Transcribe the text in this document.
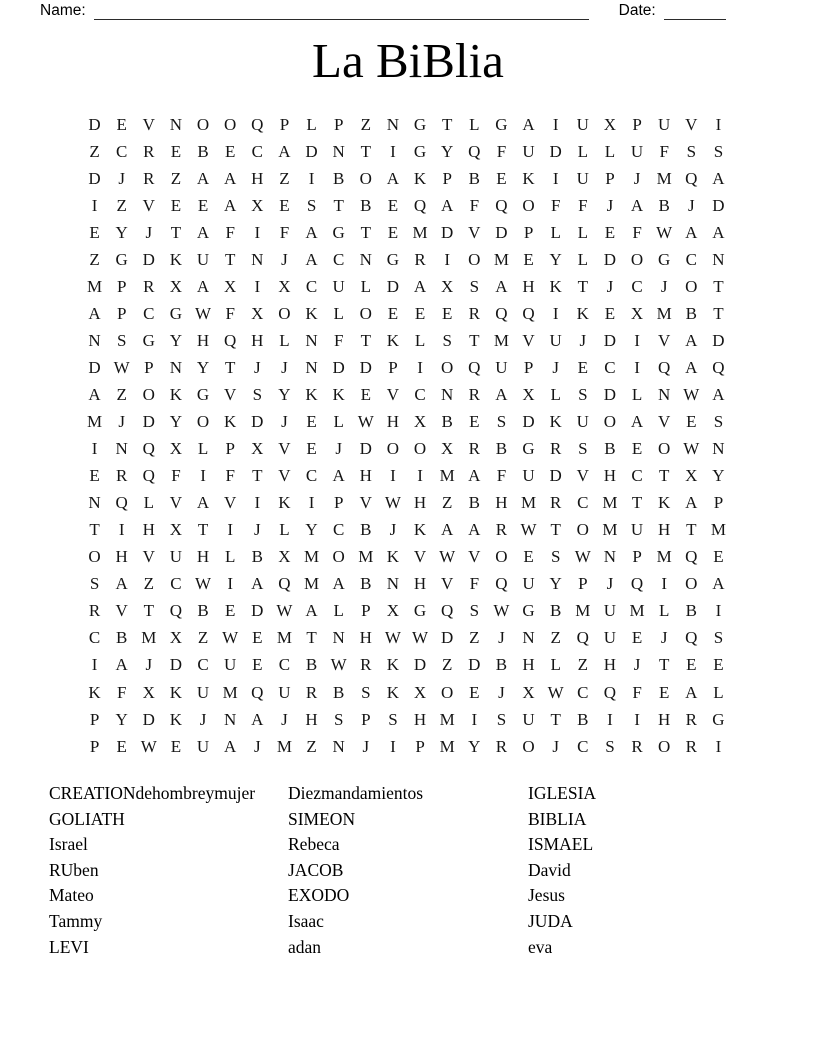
Name:	Date:
La BiBlia
D E V N O O Q P	L	P	Z N G T L G A	I	U X P U V	I
Z C R E B E C A D N T	I	G Y Q F U D L L U F	S	S
D	J	R Z A A H Z	I	B O A K P B E K	I	U P	J M Q A
I	Z V E E A X E	S	T B E Q A F Q O F	F	J	A B	J	D
E Y	J	T A F	I	F A G T E M D V D P	L L E	F W A A
Z G D K U T N	J	A C N G R	I	O M E Y L D O G C N
M P R X A X	I	X C U L D A X S A H K T	J	C	J	O T
A P C G W F X O K L O E E E R Q Q	I	K E X M B T
N S G Y H Q H L N F	T K L	S	T M V U	J	D	I	V A D
D W P N Y T	J	J	N D D P	I	O Q U P	J	E C	I	Q A Q
A Z O K G V S Y K K E V C N R A X L	S D L N W A
M J	D Y O K D	J	E L W H X B E	S D K U O A V E	S
I	N Q X L	P X V E	J	D O O X R B G R S B E O W N
E R Q F	I	F	T V C A H	I	I M A F U D V H C T X Y
N Q L V A V	I	K	I	P V W H Z B H M R C M T K A P
T	I	H X T	I	J	L Y C B	J	K A A R W T O M U H T M
O H V U H L B X M O M K V W V O E	S W N P M Q E
S A Z C W I	A Q M A B N H V F Q U Y P	J	Q	I	O A
R V T Q B E D W A L	P X G Q S W G B M U M L B	I
C B M X Z W E M T N H W W D Z	J	N Z Q U E	J	Q S
I	A	J	D C U E C B W R K D Z D B H L Z H	J	T E E
K F X K U M Q U R B S K X O E	J	X W C Q F	E A L
P Y D K	J	N A	J	H S	P	S H M I	S U T B	I	I	H R G
P	E W E U A	J M Z N	J	I	P M Y R O	J	C S R O R	I
CREATIONdehombreymujer
GOLIATH
Israel
RUben
Mateo
Tammy
LEVI
Diezmandamientos
SIMEON
Rebeca
JACOB
EXODO
Isaac
adan
IGLESIA
BIBLIA
ISMAEL
David
Jesus
JUDA
eva
